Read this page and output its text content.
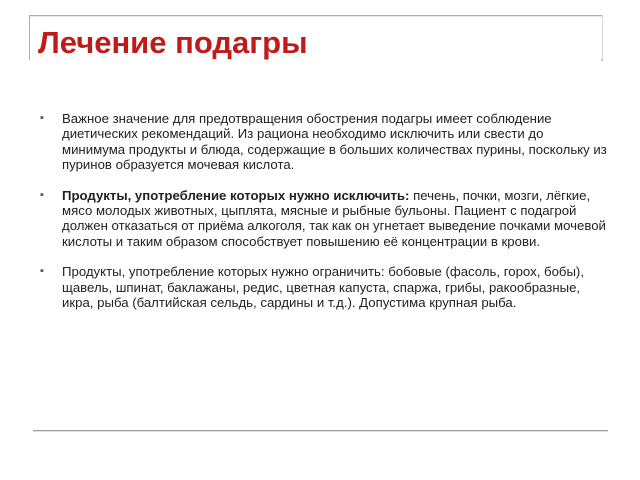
Лечение подагры
▪ Важное значение для предотвращения обострения подагры имеет соблюдение диетических рекомендаций. Из рациона необходимо исключить или свести до минимума продукты и блюда, содержащие в больших количествах пурины, поскольку из пуринов образуется мочевая кислота.
▪ Продукты, употребление которых нужно исключить: печень, почки, мозги, лёгкие, мясо молодых животных, цыплята, мясные и рыбные бульоны. Пациент с подагрой должен отказаться от приёма алкоголя, так как он угнетает выведение почками мочевой кислоты и таким образом способствует повышению её концентрации в крови.
▪ Продукты, употребление которых нужно ограничить: бобовые (фасоль, горох, бобы), щавель, шпинат, баклажаны, редис, цветная капуста, спаржа, грибы, ракообразные, икра, рыба (балтийская сельдь, сардины и т.д.). Допустима крупная рыба.
